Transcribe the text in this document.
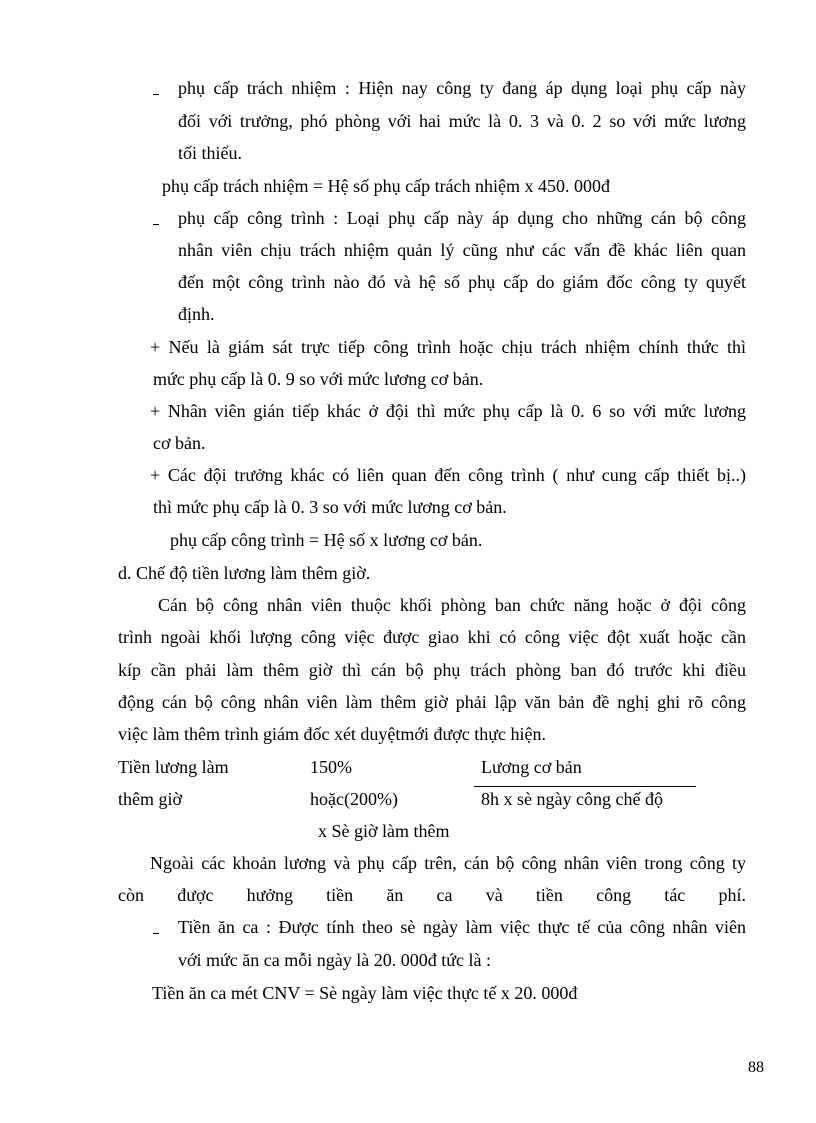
phụ cấp trách nhiệm : Hiện nay công ty đang áp dụng loại phụ cấp này
đối với trưởng, phó phòng với hai mức là 0. 3 và 0. 2 so với mức lương
tối thiểu.
phụ cấp trách nhiệm = Hệ số phụ cấp trách nhiệm x 450. 000đ
phụ cấp công trình : Loại phụ cấp này áp dụng cho những cán bộ công
nhân viên chịu trách nhiệm quản lý cũng như các vấn đề khác liên quan
đến một công trình nào đó và hệ số phụ cấp do giám đốc công ty quyết
định.
+ Nếu là giám sát trực tiếp công trình hoặc chịu trách nhiệm chính thức thì
mức phụ cấp là 0. 9 so với mức lương cơ bản.
+ Nhân viên gián tiếp khác ở đội thì mức phụ cấp là 0. 6 so với mức lương
cơ bản.
+ Các đội trưởng khác có liên quan đến công trình ( như cung cấp thiết bị..)
thì mức phụ cấp là 0. 3 so với mức lương cơ bản.
phụ cấp công trình = Hệ số x lương cơ bản.
d. Chế độ tiền lương làm thêm giờ.
Cán bộ công nhân viên thuộc khối phòng ban chức năng hoặc ở đội công
trình ngoài khối lượng công việc được giao khi có công việc đột xuất hoặc cần
kíp cần phải làm thêm giờ thì cán bộ phụ trách phòng ban đó trước khi điều
động cán bộ công nhân viên làm thêm giờ phải lập văn bản đề nghị ghi rõ công
việc làm thêm trình giám đốc xét duyệtmới được thực hiện.
Tiền lương làm	150%	Lương cơ bản
thêm giờ	hoặc(200%)	8h x sè ngày công chế độ
x Sè giờ làm thêm
Ngoài các khoản lương và phụ cấp trên, cán bộ công nhân viên trong công ty
còn được hưởng tiền ăn ca và tiền công tác phí.
Tiền ăn ca : Được tính theo sè ngày làm việc thực tế của công nhân viên
với mức ăn ca mỗi ngày là 20. 000đ tức là :
Tiền ăn ca mét CNV = Sè ngày làm việc thực tế x 20. 000đ
88
